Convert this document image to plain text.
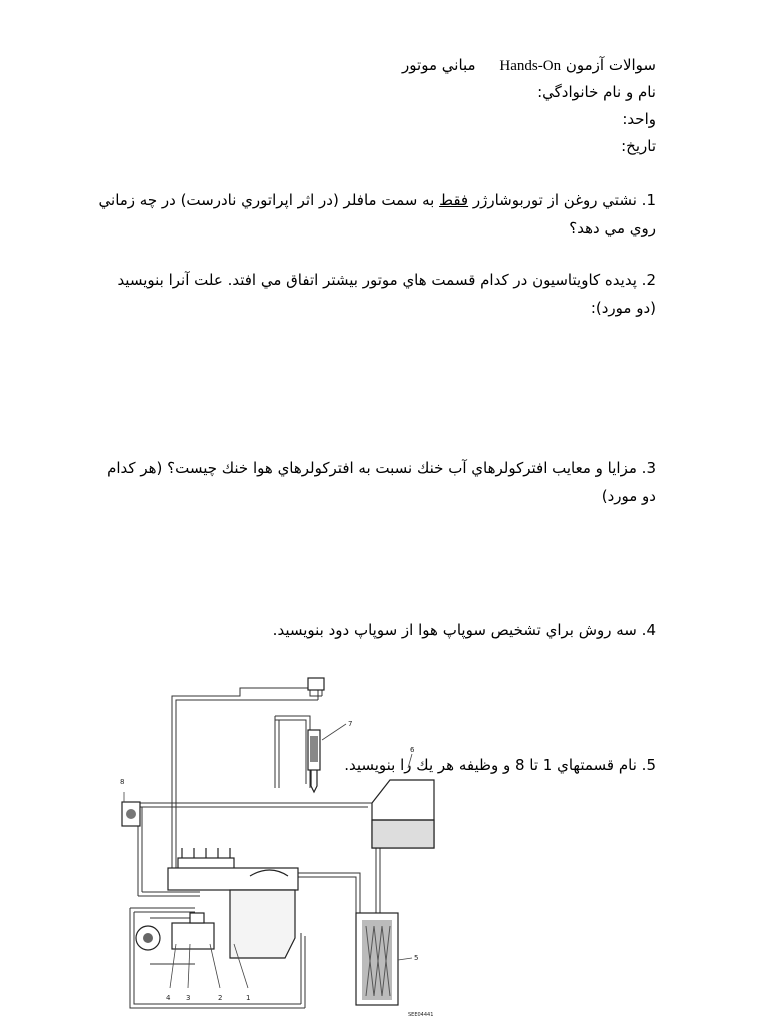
سوالات آزمون Hands-On     مباني موتور
نام و نام خانوادگي:
واحد:
تاريخ:
1. نشتي روغن از توربوشارژر فقط به سمت مافلر (در اثر اپراتوري نادرست) در چه زماني روي مي دهد؟
2. پديده كاويتاسيون در كدام قسمت هاي موتور بيشتر اتفاق مي افتد. علت آنرا بنويسيد (دو مورد):
3. مزايا و معايب افتركولرهاي آب خنك نسبت به افتركولرهاي هوا خنك چيست؟ (هر كدام دو مورد)
4. سه روش براي تشخيص سوپاپ هوا از سوپاپ دود بنويسيد.
5. نام قسمتهاي 1 تا 8 و وظيفه هر يك را بنويسيد.
7
8
4 3	2	1
5
6
SEE04441
